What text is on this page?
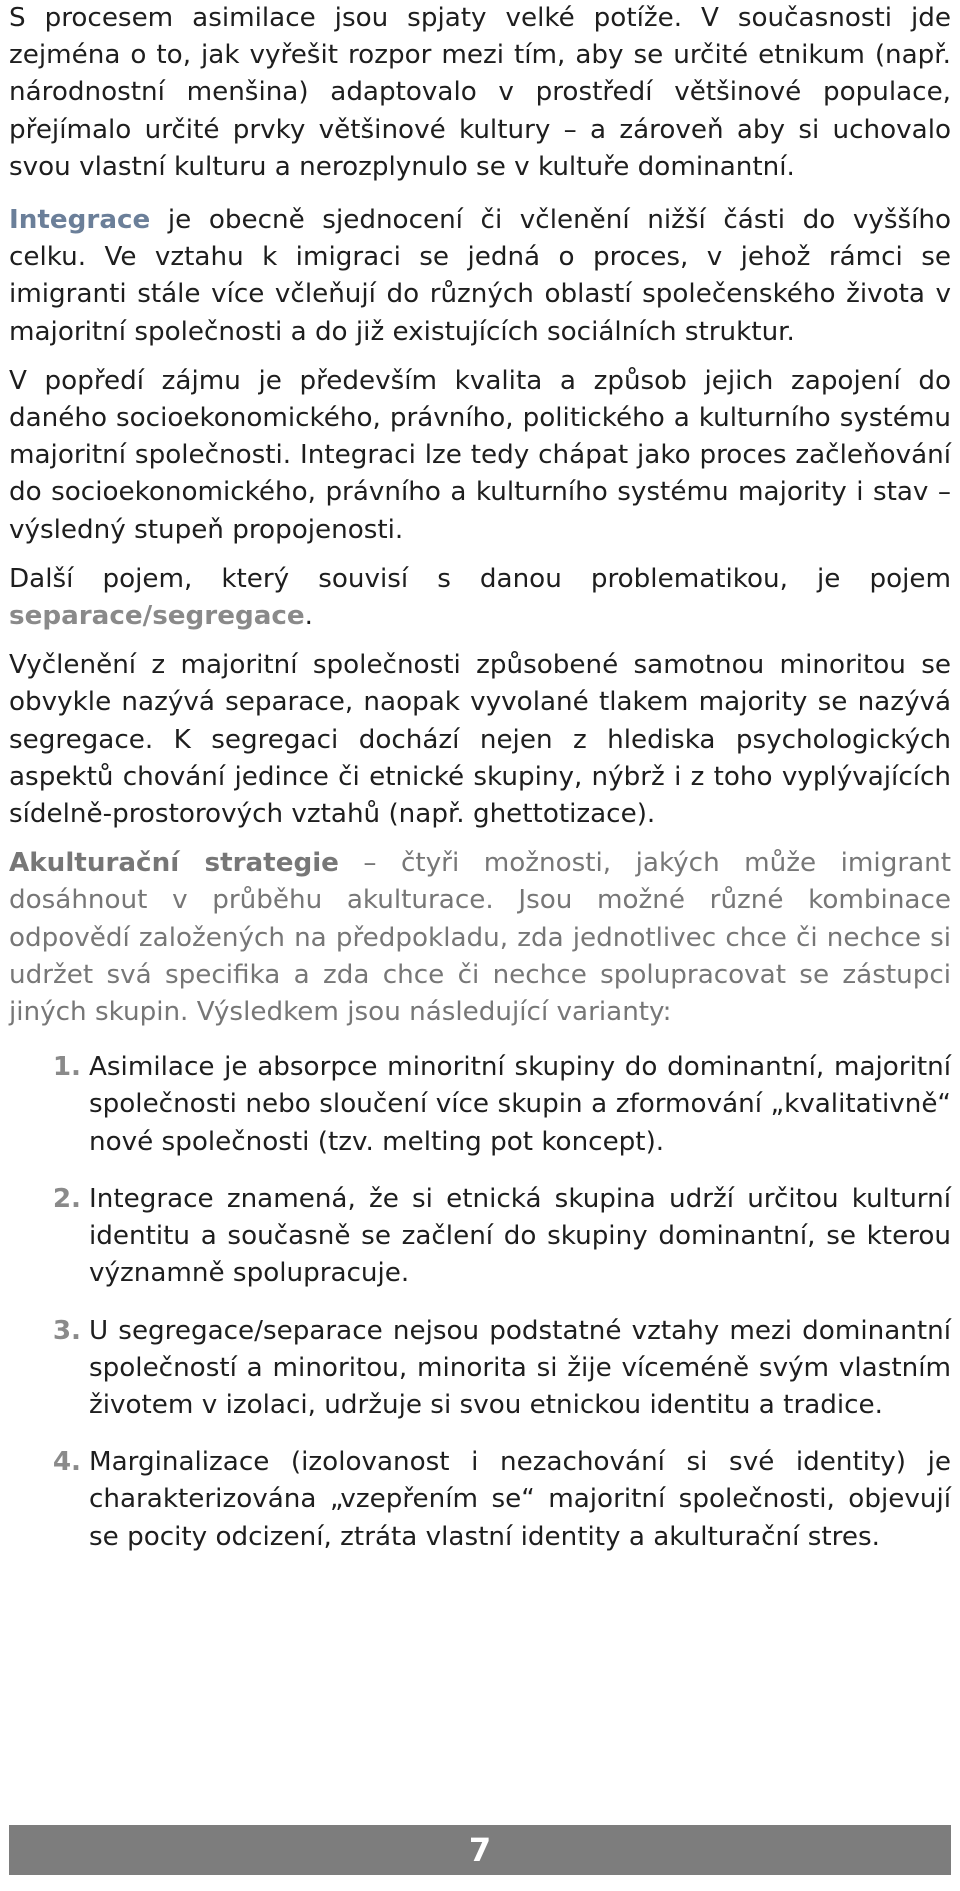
S procesem asimilace jsou spjaty velké potíže. V současnosti jde zejména o to, jak vyřešit rozpor mezi tím, aby se určité etnikum (např. národnostní menšina) adaptovalo v prostředí většinové populace, přejímalo určité prvky většinové kultury – a zároveň aby si uchovalo svou vlastní kulturu a nerozplynulo se v kultuře dominantní.

Integrace je obecně sjednocení či včlenění nižší části do vyššího celku. Ve vztahu k imigraci se jedná o proces, v jehož rámci se imigranti stále více včleňují do různých oblastí společenského života v majoritní společnosti a do již existujících sociálních struktur.

V popředí zájmu je především kvalita a způsob jejich zapojení do daného socioekonomického, právního, politického a kulturního systému majoritní společnosti. Integraci lze tedy chápat jako proces začleňování do socioekonomického, právního a kulturního systému majority i stav – výsledný stupeň propojenosti.

Další pojem, který souvisí s danou problematikou, je pojem separace/segregace.

Vyčlenění z majoritní společnosti způsobené samotnou minoritou se obvykle nazývá separace, naopak vyvolané tlakem majority se nazývá segregace. K segregaci dochází nejen z hlediska psychologických aspektů chování jedince či etnické skupiny, nýbrž i z toho vyplývajících sídelně-prostorových vztahů (např. ghettotizace).

Akulturační strategie – čtyři možnosti, jakých může imigrant dosáhnout v průběhu akulturace. Jsou možné různé kombinace odpovědí založených na předpokladu, zda jednotlivec chce či nechce si udržet svá specifika a zda chce či nechce spolupracovat se zástupci jiných skupin. Výsledkem jsou následující varianty:

1. Asimilace je absorpce minoritní skupiny do dominantní, majoritní společnosti nebo sloučení více skupin a zformování „kvalitativně“ nové společnosti (tzv. melting pot koncept).
2. Integrace znamená, že si etnická skupina udrží určitou kulturní identitu a současně se začlení do skupiny dominantní, se kterou významně spolupracuje.
3. U segregace/separace nejsou podstatné vztahy mezi dominantní společností a minoritou, minorita si žije víceméně svým vlastním životem v izolaci, udržuje si svou etnickou identitu a tradice.
4. Marginalizace (izolovanost i nezachování si své identity) je charakterizována „vzepřením se“ majoritní společnosti, objevují se pocity odcizení, ztráta vlastní identity a akulturační stres.
7
